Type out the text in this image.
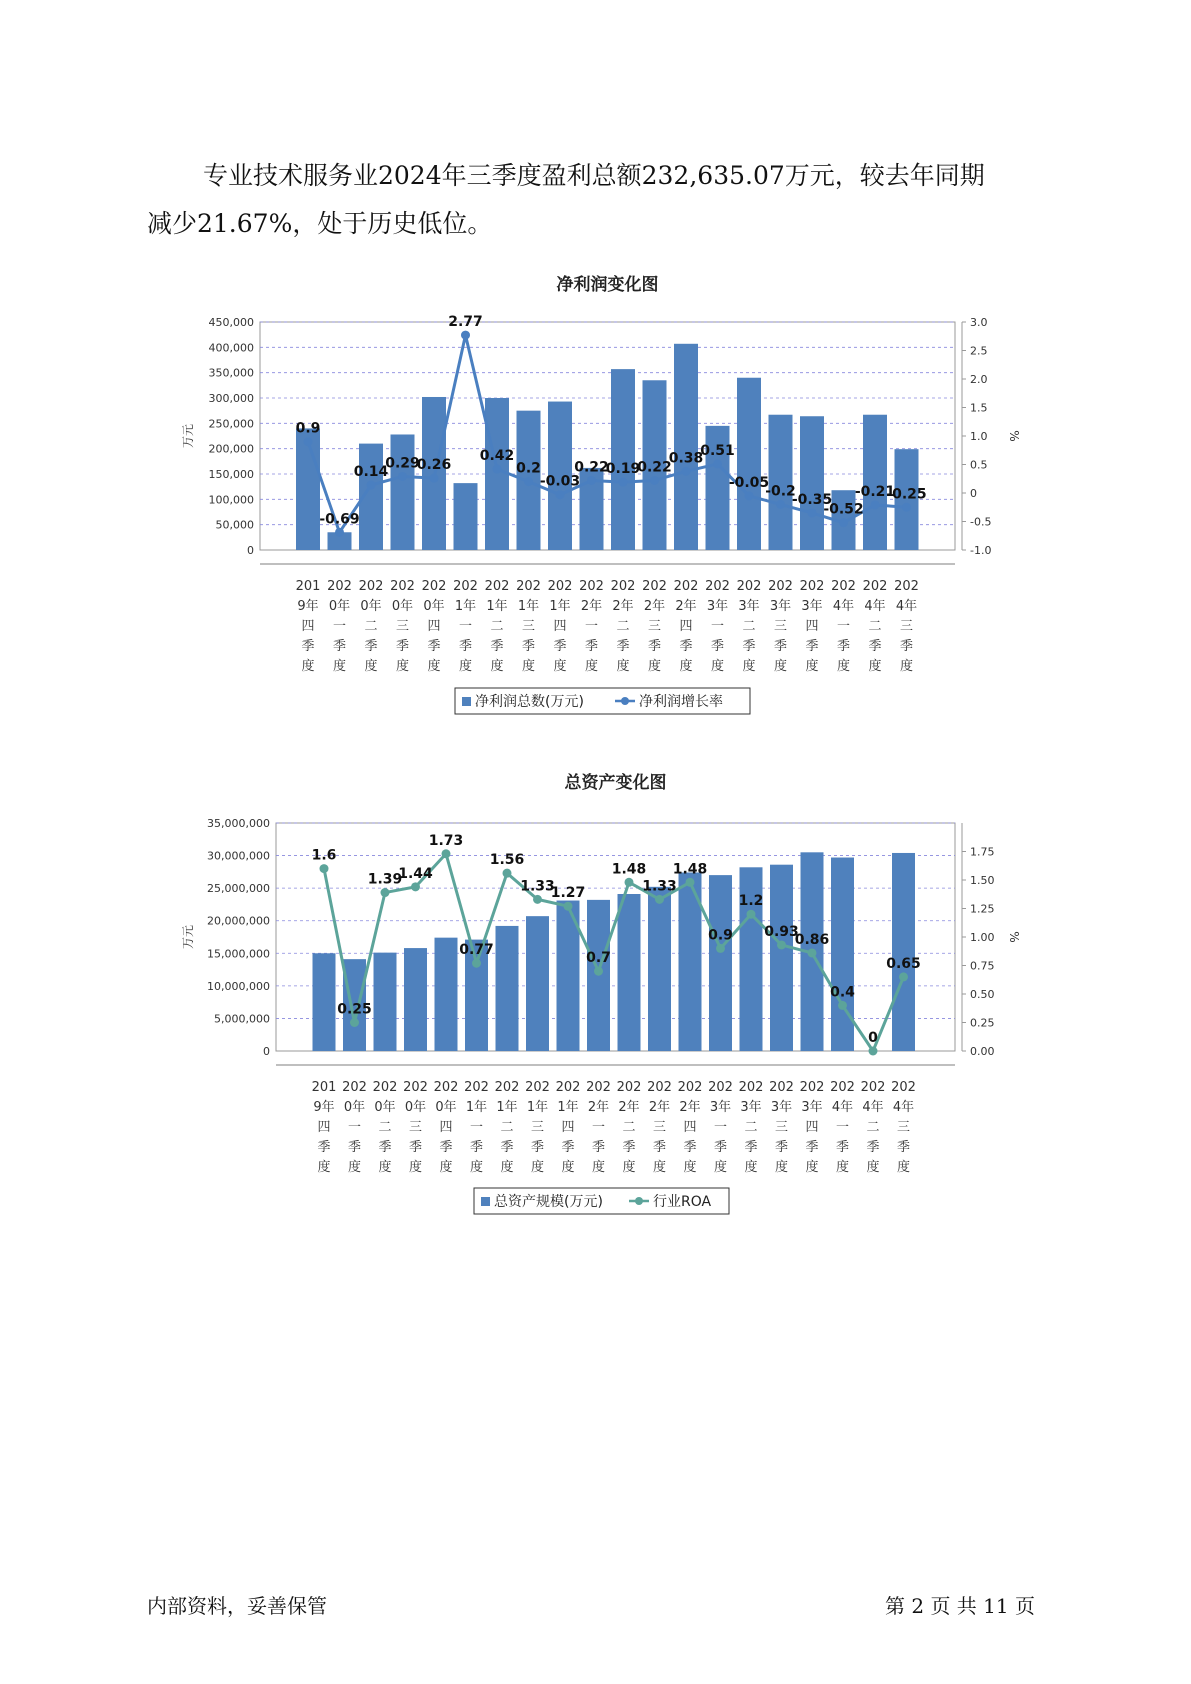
专业技术服务业2024年三季度盈利总额232,635.07万元，较去年同期
减少21.67%，处于历史低位。
净利润变化图
0
50,000
100,000
150,000
200,000
250,000
300,000
350,000
400,000
450,000
-1.0
-0.5
0
0.5
1.0
1.5
2.0
2.5
3.0
万元	%
201
9年
四
季
度
202
0年
一
季
度
202
0年
二
季
度
202
0年
三
季
度
202
0年
四
季
度
202
1年
一
季
度
202
1年
二
季
度
202
1年
三
季
度
202
1年
四
季
度
202
2年
一
季
度
202
2年
二
季
度
202
2年
三
季
度
202
2年
四
季
度
202
3年
一
季
度
202
3年
二
季
度
202
3年
三
季
度
202
3年
四
季
度
202
4年
一
季
度
202
4年
二
季
度
202
4年
三
季
度
0.9
-0.69
0.14
0.29
0.26
2.77
0.42
0.2
-0.03
0.22
0.19
0.22
0.38
0.51
-0.05
-0.2
-0.35
-0.52
-0.21
-0.25
净利润总数(万元)	净利润增长率
总资产变化图
0
5,000,000
10,000,000
15,000,000
20,000,000
25,000,000
30,000,000
35,000,000
0.00
0.25
0.50
0.75
1.00
1.25
1.50
1.75
万元	%
201
9年
四
季
度
202
0年
一
季
度
202
0年
二
季
度
202
0年
三
季
度
202
0年
四
季
度
202
1年
一
季
度
202
1年
二
季
度
202
1年
三
季
度
202
1年
四
季
度
202
2年
一
季
度
202
2年
二
季
度
202
2年
三
季
度
202
2年
四
季
度
202
3年
一
季
度
202
3年
二
季
度
202
3年
三
季
度
202
3年
四
季
度
202
4年
一
季
度
202
4年
二
季
度
202
4年
三
季
度
1.6
0.25
1.39
1.44
1.73
0.77
1.56
1.33
1.27
0.7
1.48
1.33
1.48
0.9
1.2
0.93
0.86
0.4
0
0.65
总资产规模(万元)	行业ROA
内部资料，妥善保管	第 2 页 共 11 页
